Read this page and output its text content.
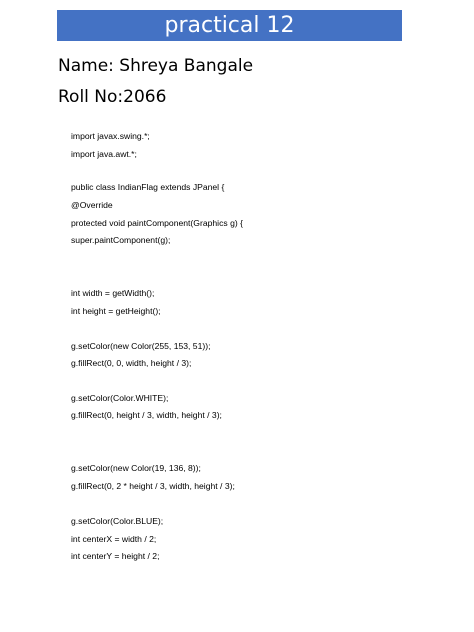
practical 12
Name: Shreya Bangale
Roll No:2066
import javax.swing.*;
import java.awt.*;
public class IndianFlag extends JPanel {
@Override
protected void paintComponent(Graphics g) {
super.paintComponent(g);
int width = getWidth();
int height = getHeight();
g.setColor(new Color(255, 153, 51));
g.fillRect(0, 0, width, height / 3);
g.setColor(Color.WHITE);
g.fillRect(0, height / 3, width, height / 3);
g.setColor(new Color(19, 136, 8));
g.fillRect(0, 2 * height / 3, width, height / 3);
g.setColor(Color.BLUE);
int centerX = width / 2;
int centerY = height / 2;
